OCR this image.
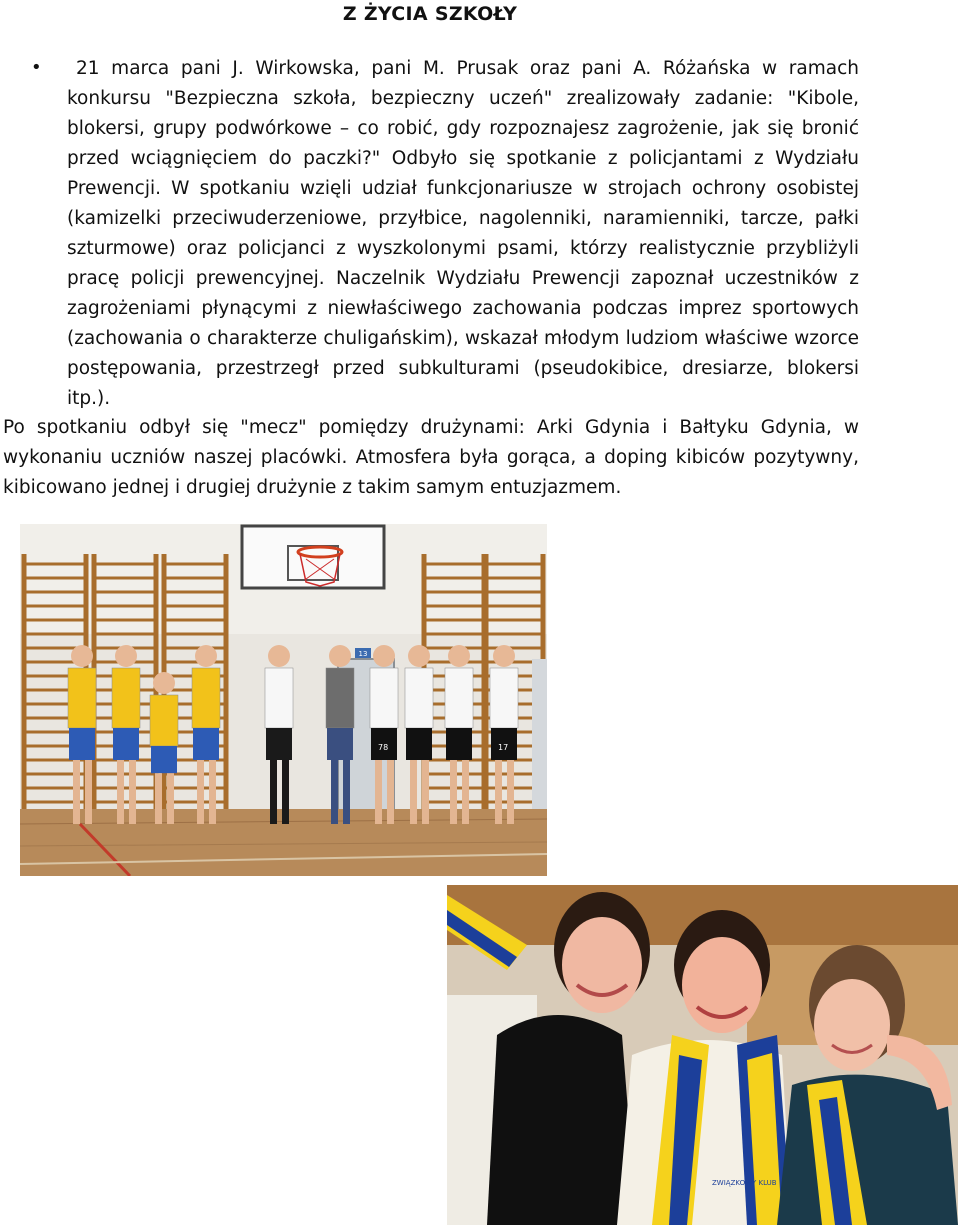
Z ŻYCIA SZKOŁY
•	21 marca pani J. Wirkowska, pani M. Prusak oraz pani A. Różańska w ramach konkursu "Bezpieczna szkoła, bezpieczny uczeń" zrealizowały zadanie: "Kibole, blokersi, grupy podwórkowe – co robić, gdy rozpoznajesz zagrożenie, jak się bronić przed wciągnięciem do paczki?" Odbyło się spotkanie z policjantami z Wydziału Prewencji. W spotkaniu wzięli udział funkcjonariusze w strojach ochrony osobistej (kamizelki przeciwuderzeniowe, przyłbice, nagolenniki, naramienniki, tarcze, pałki szturmowe) oraz policjanci z wyszkolonymi psami, którzy realistycznie przybliżyli pracę policji prewencyjnej. Naczelnik Wydziału Prewencji zapoznał uczestników z zagrożeniami płynącymi z niewłaściwego zachowania podczas imprez sportowych (zachowania o charakterze chuligańskim), wskazał młodym ludziom właściwe wzorce postępowania, przestrzegł przed subkulturami (pseudokibice, dresiarze, blokersi itp.).
Po spotkaniu odbył się "mecz" pomiędzy drużynami: Arki Gdynia i Bałtyku Gdynia, w wykonaniu uczniów naszej placówki. Atmosfera była gorąca, a doping kibiców pozytywny, kibicowano jednej i drugiej drużynie z takim samym entuzjazmem.
13
78	17
ZWIĄZKOWY KLUB
